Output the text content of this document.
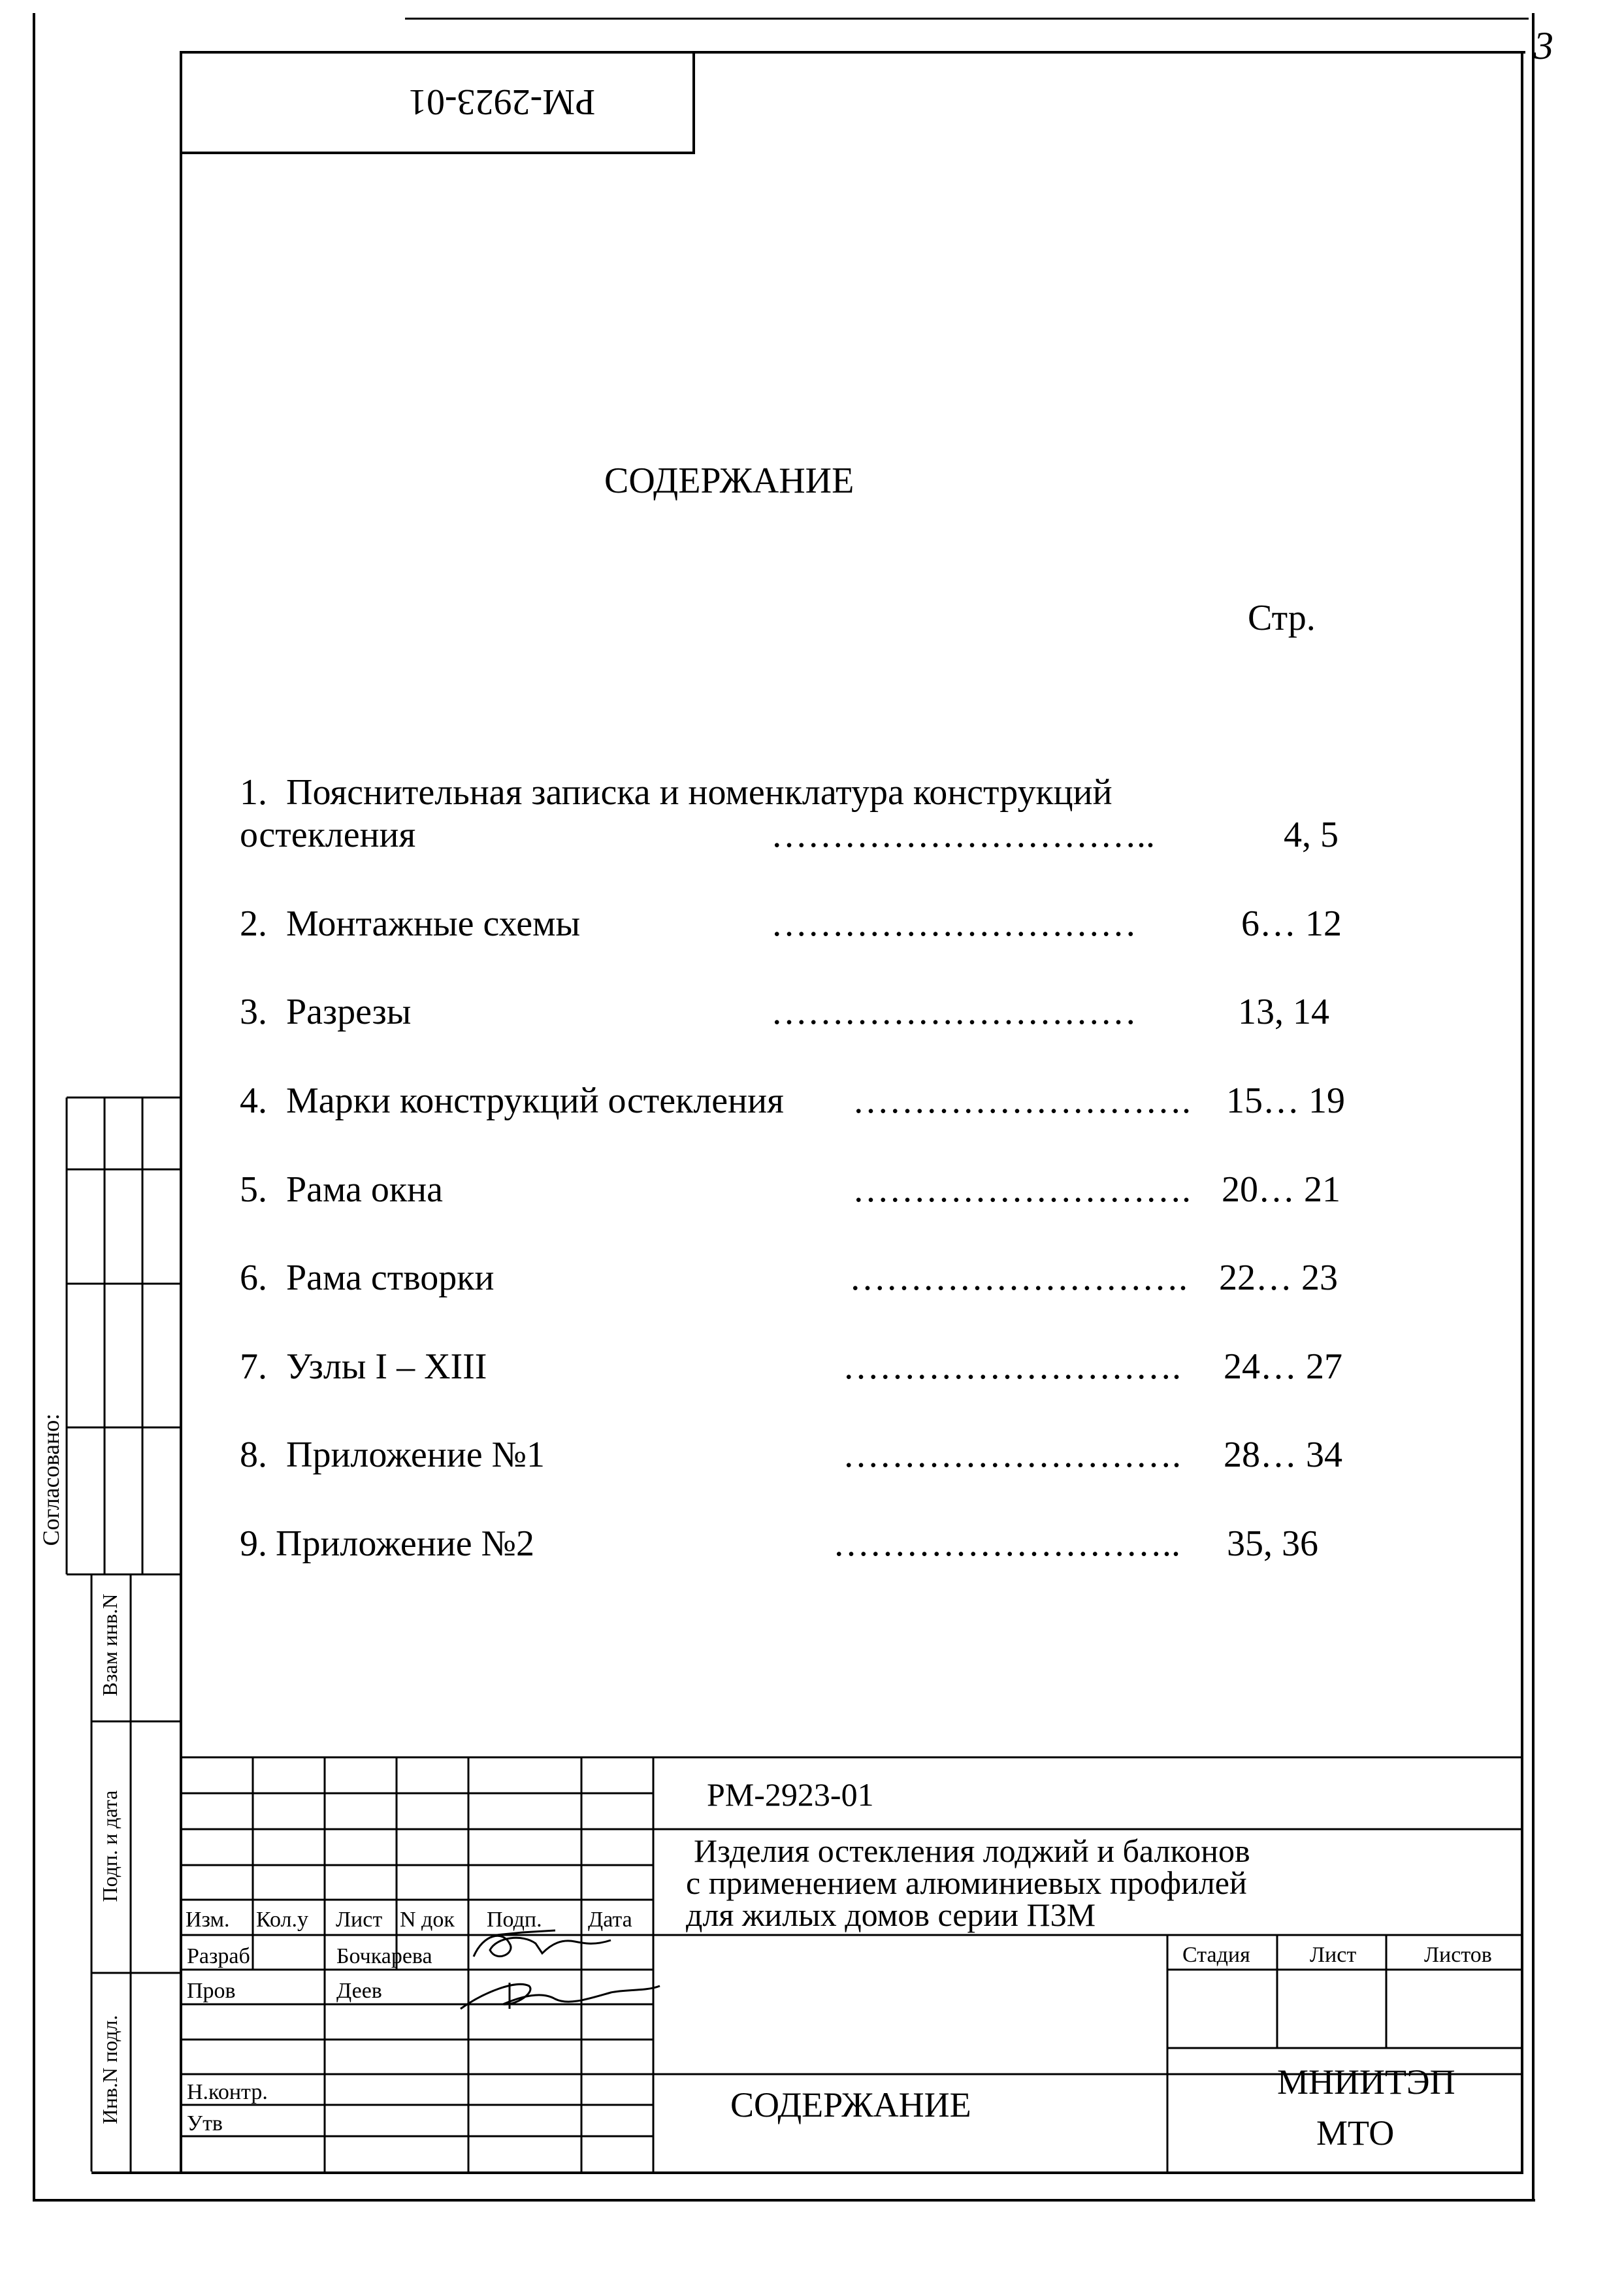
3
РМ-2923-01
СОДЕРЖАНИЕ
Стр.
1. Пояснительная записка и номенклатура конструкций
остекления	…………………………..	4, 5
2. Монтажные схемы	…………………………	6… 12
3. Разрезы	…………………………	13, 14
4. Марки конструкций остекления ………………………. 15… 19
5. Рама окна	………………………. 20… 21
6. Рама створки	………………………. 22… 23
7. Узлы I – XIII	………………………. 24… 27
8. Приложение №1	………………………. 28… 34
9. Приложение №2	……………………….. 35, 36
Согласовано:
Взам инв.N
Подп. и дата
Инв.N подл.
РМ-2923-01
Изделия остекления лоджий и балконов
с применением алюминиевых профилей
для жилых домов серии П3М
Изм. Кол.у Лист N док Подп. Дата
Разраб	Бочкарева
Пров	Деев
Н.контр.
Утв
Стадия	Лист	Листов
СОДЕРЖАНИЕ
МНИИТЭП
МТО
